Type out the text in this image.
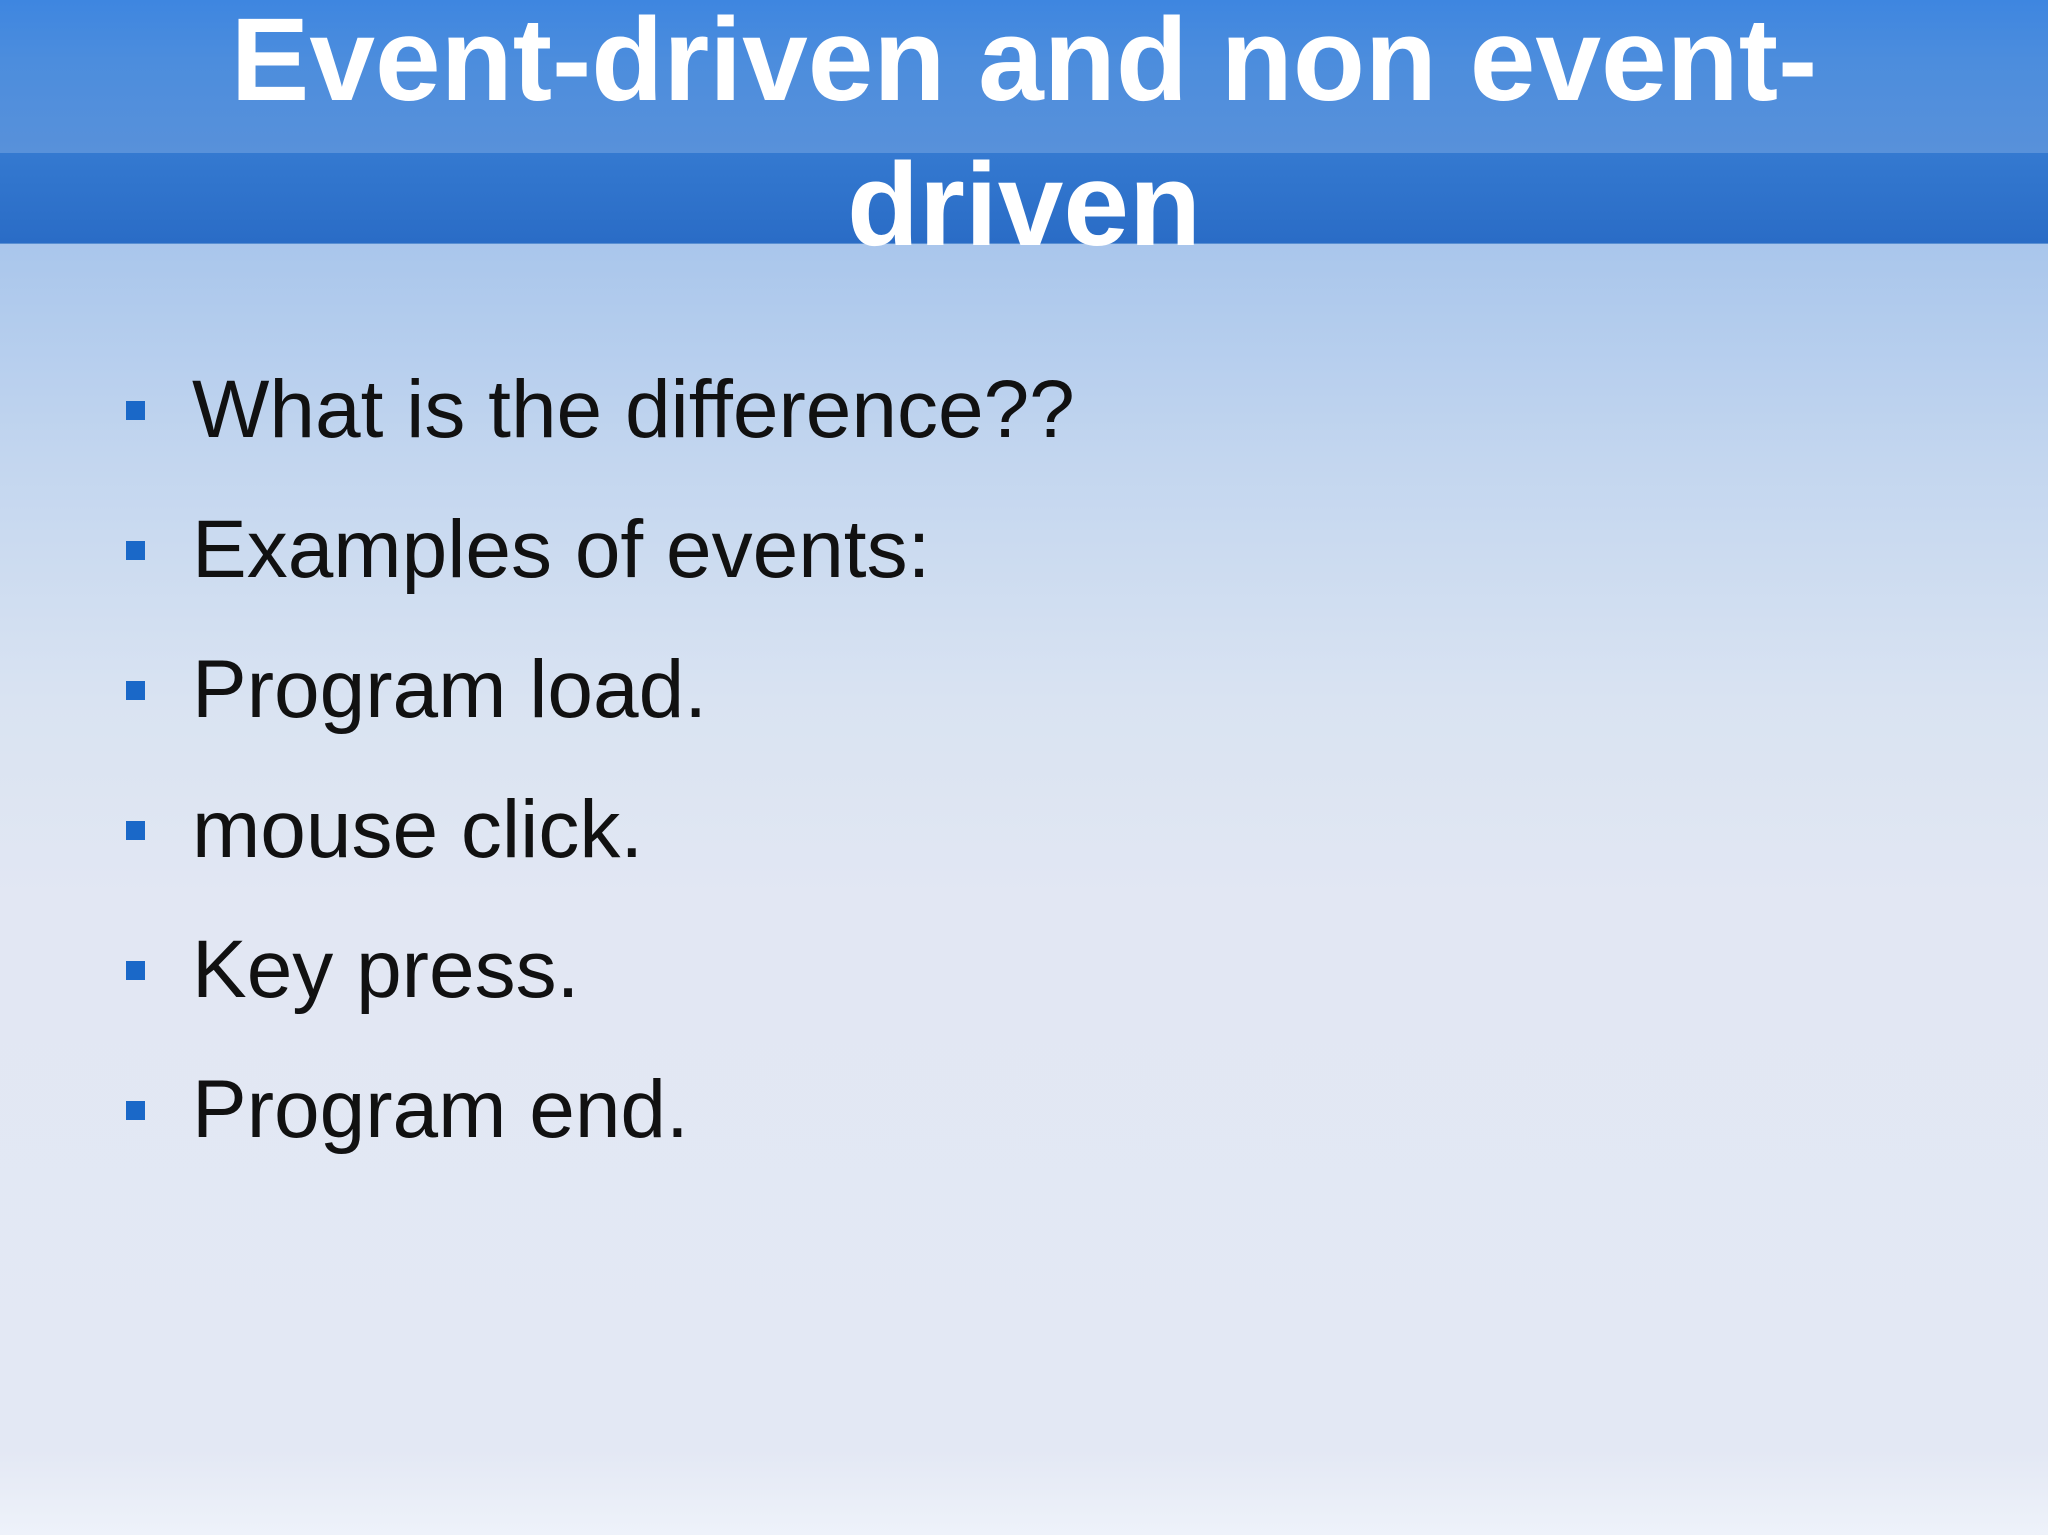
Event-driven and non event-driven
What is the difference??
Examples of events:
Program load.
mouse click.
Key press.
Program end.
